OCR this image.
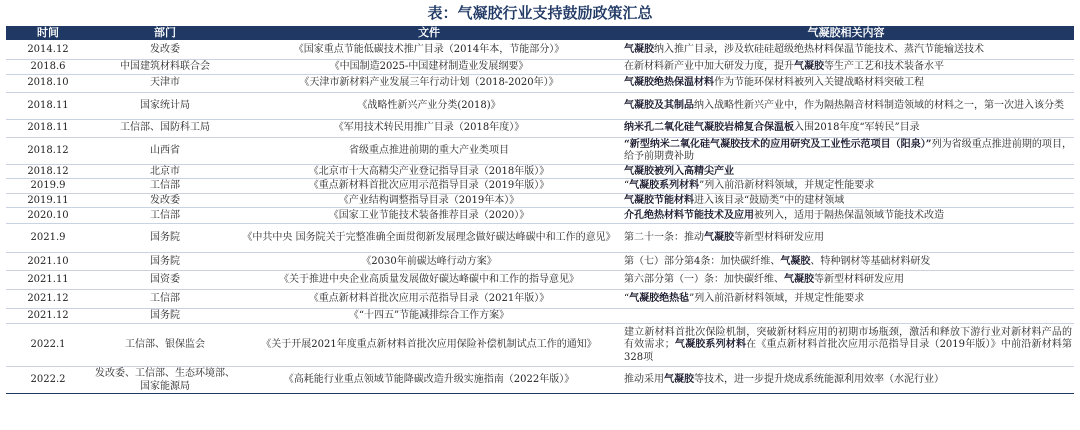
表：气凝胶行业支持鼓励政策汇总
时间	部门	文件	气凝胶相关内容
2014.12	发改委	《国家重点节能低碳技术推广目录（2014年本，节能部分）》	气凝胶纳入推广目录，涉及软硅硅超级绝热材料保温节能技术、蒸汽节能输送技术
2018.6	中国建筑材料联合会	《中国制造2025-中国建材制造业发展纲要》	在新材料新产业中加大研发力度，提升气凝胶等生产工艺和技术装备水平
2018.10	天津市	《天津市新材料产业发展三年行动计划（2018-2020年）》	气凝胶绝热保温材料作为节能环保材料被列入关键战略材料突破工程
2018.11	国家统计局	《战略性新兴产业分类(2018)》	气凝胶及其制品纳入战略性新兴产业中，作为隔热隔音材料制造领域的材料之一，第一次进入该分类
2018.11	工信部、国防科工局	《军用技术转民用推广目录（2018年度）》	纳米孔二氧化硅气凝胶岩棉复合保温板入围2018年度“军转民”目录
2018.12	山西省	省级重点推进前期的重大产业类项目	“新型纳米二氧化硅气凝胶技术的应用研究及工业性示范项目（阳泉）”列为省级重点推进前期的项目，给予前期费补助
2018.12	北京市	《北京市十大高精尖产业登记指导目录（2018年版）》	气凝胶被列入高精尖产业
2019.9	工信部	《重点新材料首批次应用示范指导目录（2019年版）》	“气凝胶系列材料”列入前沿新材料领域，并规定性能要求
2019.11	发改委	《产业结构调整指导目录（2019年本）》	气凝胶节能材料进入该目录“鼓励类”中的建材领域
2020.10	工信部	《国家工业节能技术装备推荐目录（2020）》	介孔绝热材料节能技术及应用被列入，适用于隔热保温领域节能技术改造
2021.9	国务院	《中共中央 国务院关于完整准确全面贯彻新发展理念做好碳达峰碳中和工作的意见》	第二十一条：推动气凝胶等新型材料研发应用
2021.10	国务院	《2030年前碳达峰行动方案》	第（七）部分第4条：加快碳纤维、气凝胶、特种钢材等基础材料研发
2021.11	国资委	《关于推进中央企业高质量发展做好碳达峰碳中和工作的指导意见》	第六部分第（一）条：加快碳纤维、气凝胶等新型材料研发应用
2021.12	工信部	《重点新材料首批次应用示范指导目录（2021年版）》	“气凝胶绝热毡”列入前沿新材料领域，并规定性能要求
2021.12	国务院	《“十四五”节能减排综合工作方案》	
2022.1	工信部、银保监会	《关于开展2021年度重点新材料首批次应用保险补偿机制试点工作的通知》	建立新材料首批次保险机制，突破新材料应用的初期市场瓶颈，激活和释放下游行业对新材料产品的有效需求；气凝胶系列材料在《重点新材料首批次应用示范指导目录（2019年版）》中前沿新材料第328项
2022.2	发改委、工信部、生态环境部、国家能源局	《高耗能行业重点领域节能降碳改造升级实施指南（2022年版）》	推动采用气凝胶等技术，进一步提升烧成系统能源利用效率（水泥行业）
